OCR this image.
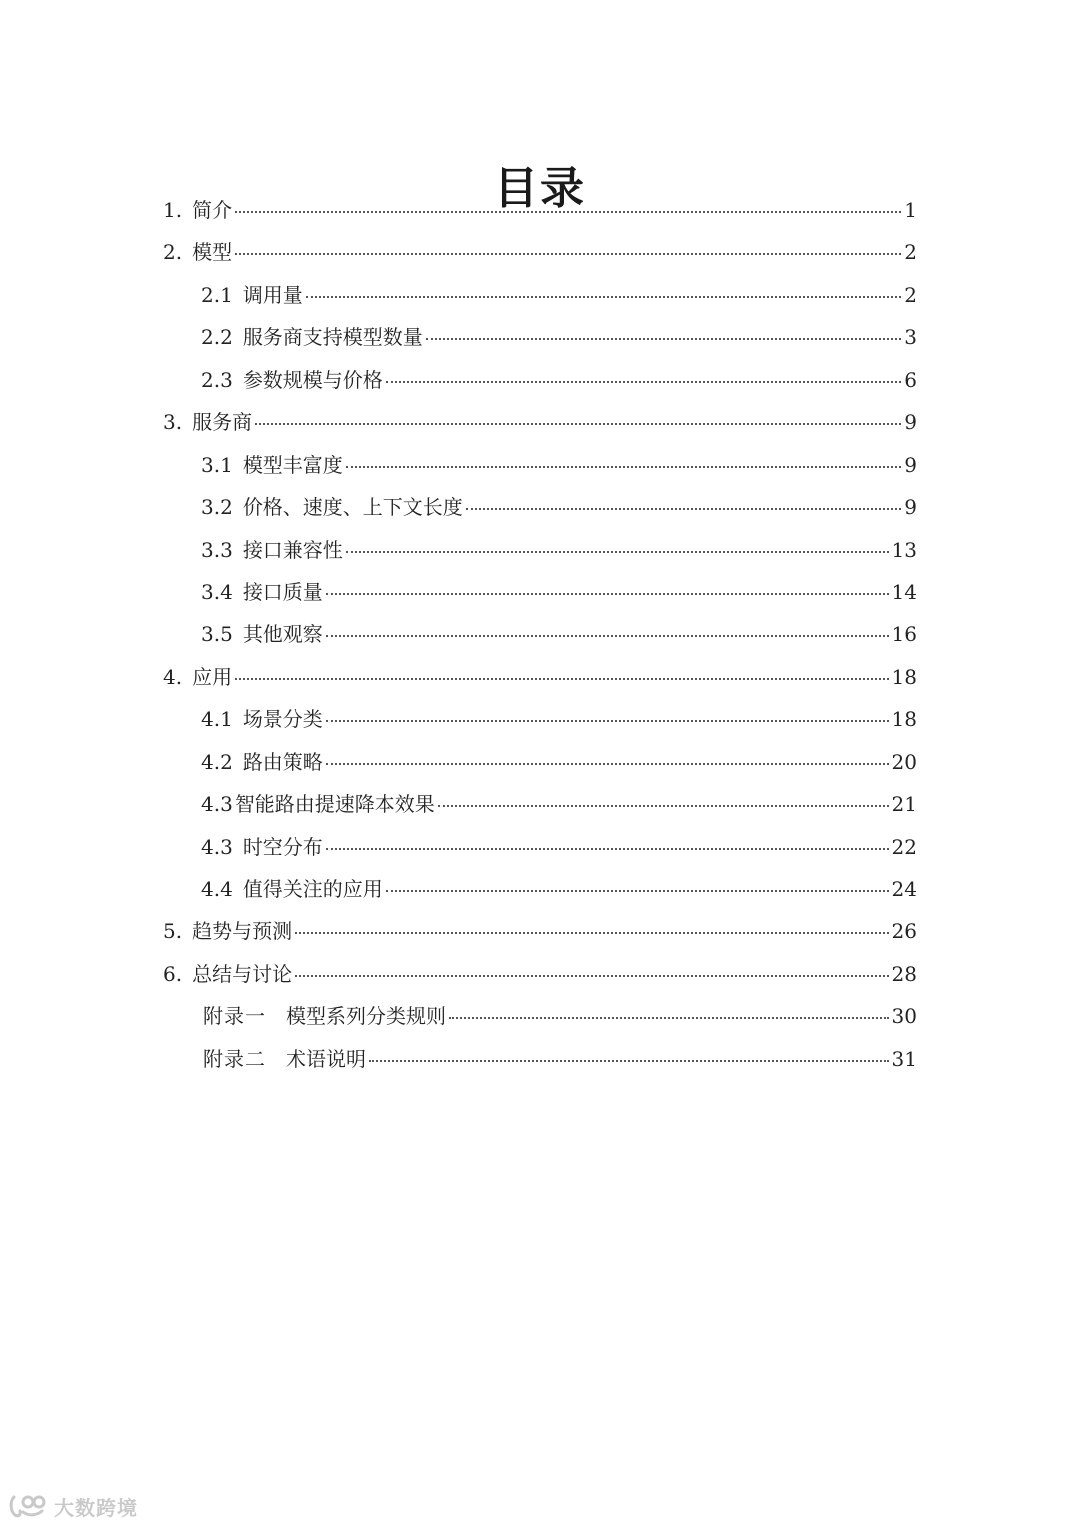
目录
1. 简介	1
2. 模型	2
2.1 调用量	2
2.2 服务商支持模型数量	3
2.3 参数规模与价格	6
3. 服务商	9
3.1 模型丰富度	9
3.2 价格、速度、上下文长度	9
3.3 接口兼容性	13
3.4 接口质量	14
3.5 其他观察	16
4. 应用	18
4.1 场景分类	18
4.2 路由策略	20
4.3 智能路由提速降本效果	21
4.3 时空分布	22
4.4 值得关注的应用	24
5. 趋势与预测	26
6. 总结与讨论	28
附录一 模型系列分类规则	30
附录二 术语说明	31
大数跨境
